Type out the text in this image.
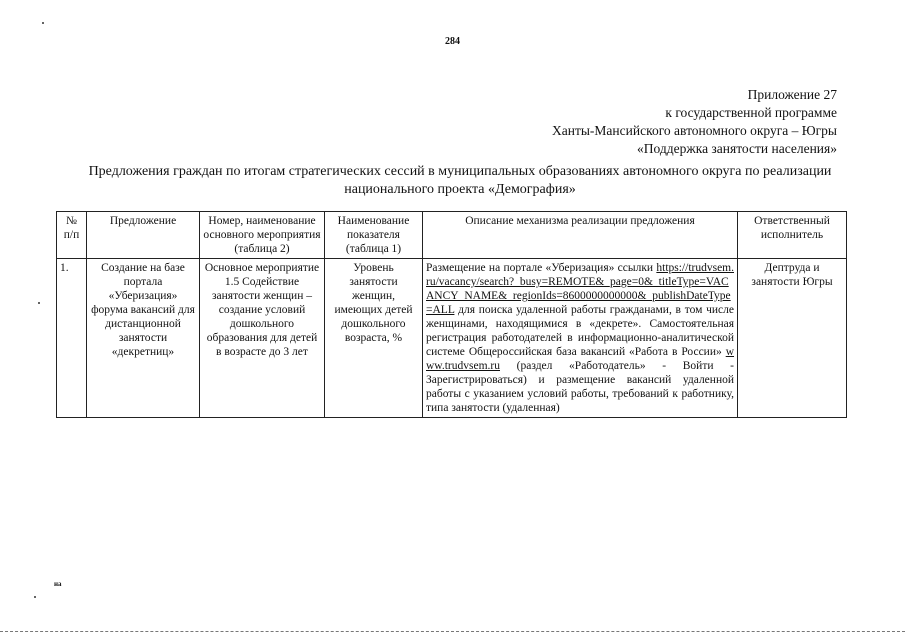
284
Приложение 27
к государственной программе
Ханты-Мансийского автономного округа – Югры
«Поддержка занятости населения»
Предложения граждан по итогам стратегических сессий в муниципальных образованиях автономного округа по реализации национального проекта «Демография»
№ п/п	Предложение	Номер, наименование основного мероприятия (таблица 2)	Наименование показателя (таблица 1)	Описание механизма реализации предложения	Ответственный исполнитель
1.	Создание на базе портала «Уберизация» форума вакансий для дистанционной занятости «декретниц»	Основное мероприятие 1.5 Содействие занятости женщин – создание условий дошкольного образования для детей в возрасте до 3 лет	Уровень занятости женщин, имеющих детей дошкольного возраста, %	Размещение на портале «Уберизация» ссылки https://trudvsem.ru/vacancy/search?_busy=REMOTE&_page=0&_titleType=VACANCY_NAME&_regionIds=8600000000000&_publishDateType=ALL для поиска удаленной работы гражданами, в том числе женщинами, находящимися в «декрете». Самостоятельная регистрация работодателей в информационно-аналитической системе Общероссийская база вакансий «Работа в России» www.trudvsem.ru (раздел «Работодатель» - Войти - Зарегистрироваться) и размещение вакансий удаленной работы с указанием условий работы, требований к работнику, типа занятости (удаленная)	Дептруда и занятости Югры
на
